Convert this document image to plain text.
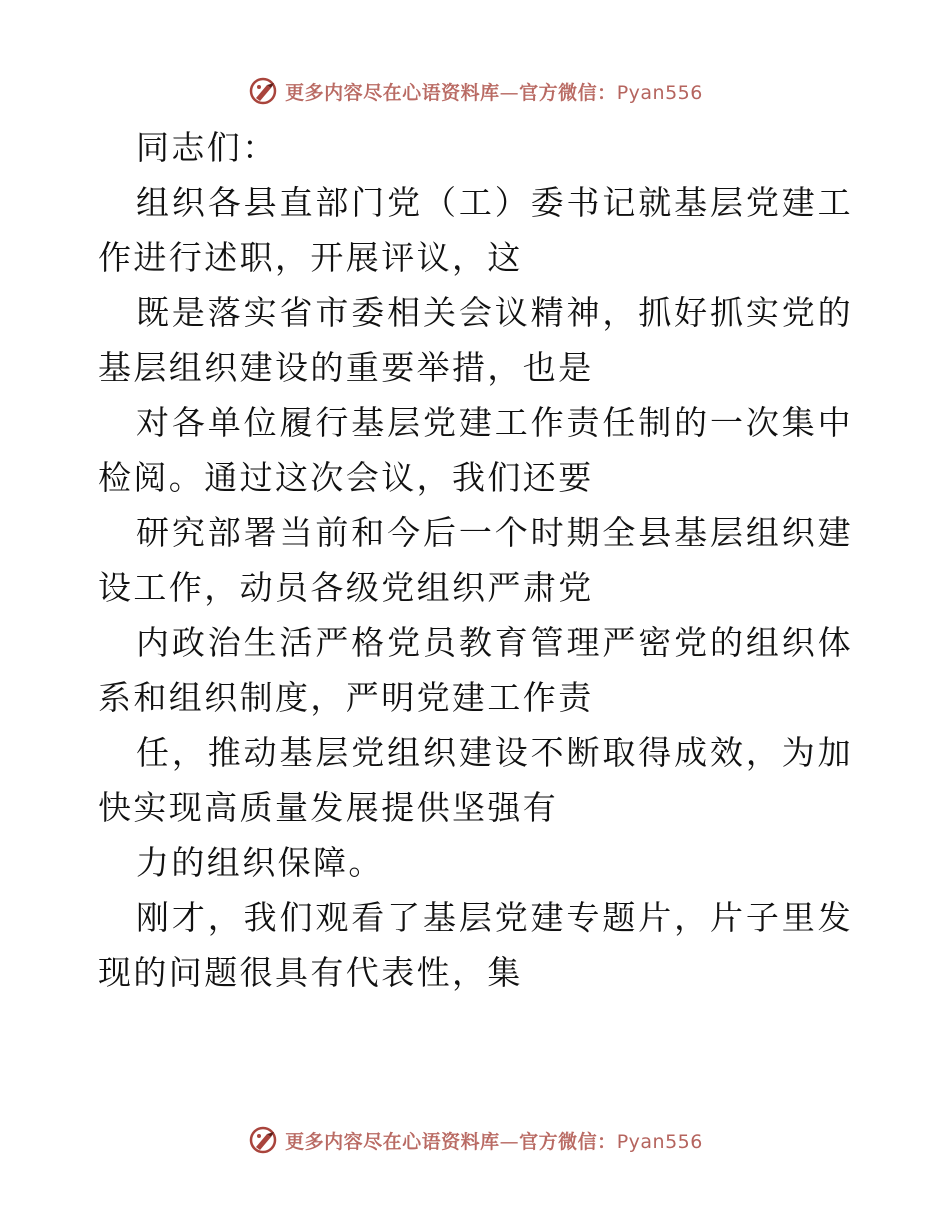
更多内容尽在心语资料库—官方微信：Pyan556

同志们：

组织各县直部门党（工）委书记就基层党建工作进行述职，开展评议，这

既是落实省市委相关会议精神，抓好抓实党的基层组织建设的重要举措，也是

对各单位履行基层党建工作责任制的一次集中检阅。通过这次会议，我们还要

研究部署当前和今后一个时期全县基层组织建设工作，动员各级党组织严肃党

内政治生活严格党员教育管理严密党的组织体系和组织制度，严明党建工作责

任，推动基层党组织建设不断取得成效，为加快实现高质量发展提供坚强有

力的组织保障。

刚才，我们观看了基层党建专题片，片子里发现的问题很具有代表性，集

更多内容尽在心语资料库—官方微信：Pyan556
